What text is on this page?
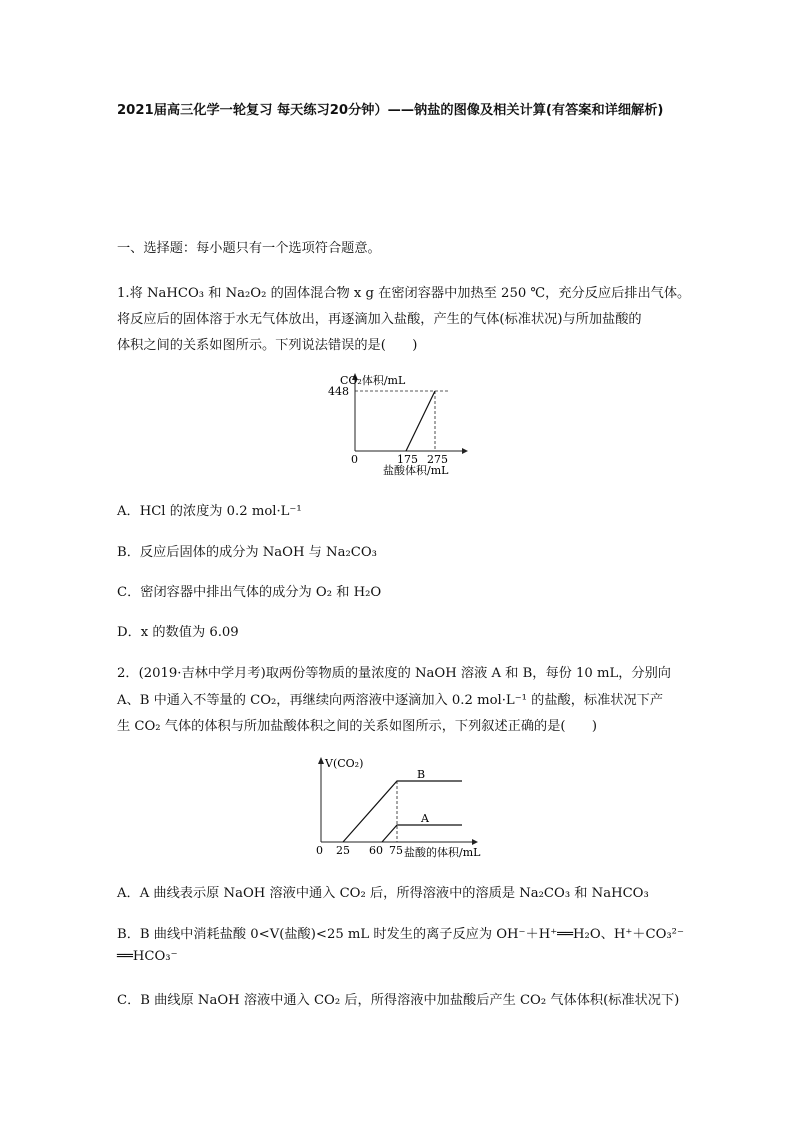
2021届高三化学一轮复习 每天练习20分钟）——钠盐的图像及相关计算(有答案和详细解析)
一、选择题：每小题只有一个选项符合题意。
1.将 NaHCO₃ 和 Na₂O₂ 的固体混合物 x g 在密闭容器中加热至 250 ℃，充分反应后排出气体。
将反应后的固体溶于水无气体放出，再逐滴加入盐酸，产生的气体(标准状况)与所加盐酸的
体积之间的关系如图所示。下列说法错误的是(　　)
CO₂体积/mL
448
0	175 275
盐酸体积/mL
A．HCl 的浓度为 0.2 mol·L⁻¹
B．反应后固体的成分为 NaOH 与 Na₂CO₃
C．密闭容器中排出气体的成分为 O₂ 和 H₂O
D．x 的数值为 6.09
2．(2019·吉林中学月考)取两份等物质的量浓度的 NaOH 溶液 A 和 B，每份 10 mL，分别向
A、B 中通入不等量的 CO₂，再继续向两溶液中逐滴加入 0.2 mol·L⁻¹ 的盐酸，标准状况下产
生 CO₂ 气体的体积与所加盐酸体积之间的关系如图所示，下列叙述正确的是(　　)
V(CO₂)
B
A
0 25 60 75 盐酸的体积/mL
A．A 曲线表示原 NaOH 溶液中通入 CO₂ 后，所得溶液中的溶质是 Na₂CO₃ 和 NaHCO₃
B．B 曲线中消耗盐酸 0<V(盐酸)<25 mL 时发生的离子反应为 OH⁻＋H⁺══H₂O、H⁺＋CO₃²⁻
══HCO₃⁻
C．B 曲线原 NaOH 溶液中通入 CO₂ 后，所得溶液中加盐酸后产生 CO₂ 气体体积(标准状况下)
